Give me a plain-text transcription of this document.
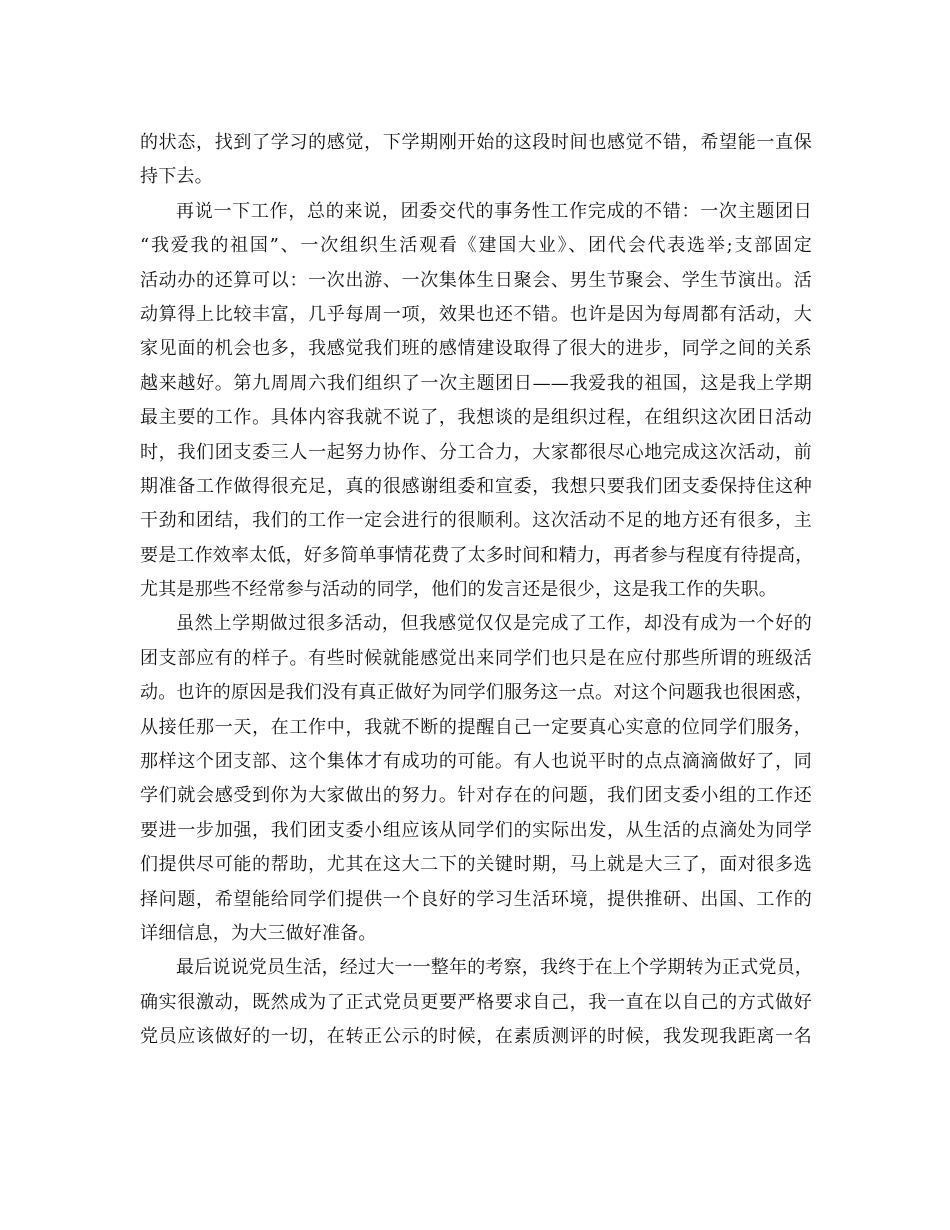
的状态，找到了学习的感觉，下学期刚开始的这段时间也感觉不错，希望能一直保
持下去。
再说一下工作，总的来说，团委交代的事务性工作完成的不错：一次主题团日
“我爱我的祖国”、一次组织生活观看《建国大业》、团代会代表选举;支部固定
活动办的还算可以：一次出游、一次集体生日聚会、男生节聚会、学生节演出。活
动算得上比较丰富，几乎每周一项，效果也还不错。也许是因为每周都有活动，大
家见面的机会也多，我感觉我们班的感情建设取得了很大的进步，同学之间的关系
越来越好。第九周周六我们组织了一次主题团日——我爱我的祖国，这是我上学期
最主要的工作。具体内容我就不说了，我想谈的是组织过程，在组织这次团日活动
时，我们团支委三人一起努力协作、分工合力，大家都很尽心地完成这次活动，前
期准备工作做得很充足，真的很感谢组委和宣委，我想只要我们团支委保持住这种
干劲和团结，我们的工作一定会进行的很顺利。这次活动不足的地方还有很多，主
要是工作效率太低，好多简单事情花费了太多时间和精力，再者参与程度有待提高，
尤其是那些不经常参与活动的同学，他们的发言还是很少，这是我工作的失职。
虽然上学期做过很多活动，但我感觉仅仅是完成了工作，却没有成为一个好的
团支部应有的样子。有些时候就能感觉出来同学们也只是在应付那些所谓的班级活
动。也许的原因是我们没有真正做好为同学们服务这一点。对这个问题我也很困惑，
从接任那一天，在工作中，我就不断的提醒自己一定要真心实意的位同学们服务，
那样这个团支部、这个集体才有成功的可能。有人也说平时的点点滴滴做好了，同
学们就会感受到你为大家做出的努力。针对存在的问题，我们团支委小组的工作还
要进一步加强，我们团支委小组应该从同学们的实际出发，从生活的点滴处为同学
们提供尽可能的帮助，尤其在这大二下的关键时期，马上就是大三了，面对很多选
择问题，希望能给同学们提供一个良好的学习生活环境，提供推研、出国、工作的
详细信息，为大三做好准备。
最后说说党员生活，经过大一一整年的考察，我终于在上个学期转为正式党员，
确实很激动，既然成为了正式党员更要严格要求自己，我一直在以自己的方式做好
党员应该做好的一切，在转正公示的时候，在素质测评的时候，我发现我距离一名
